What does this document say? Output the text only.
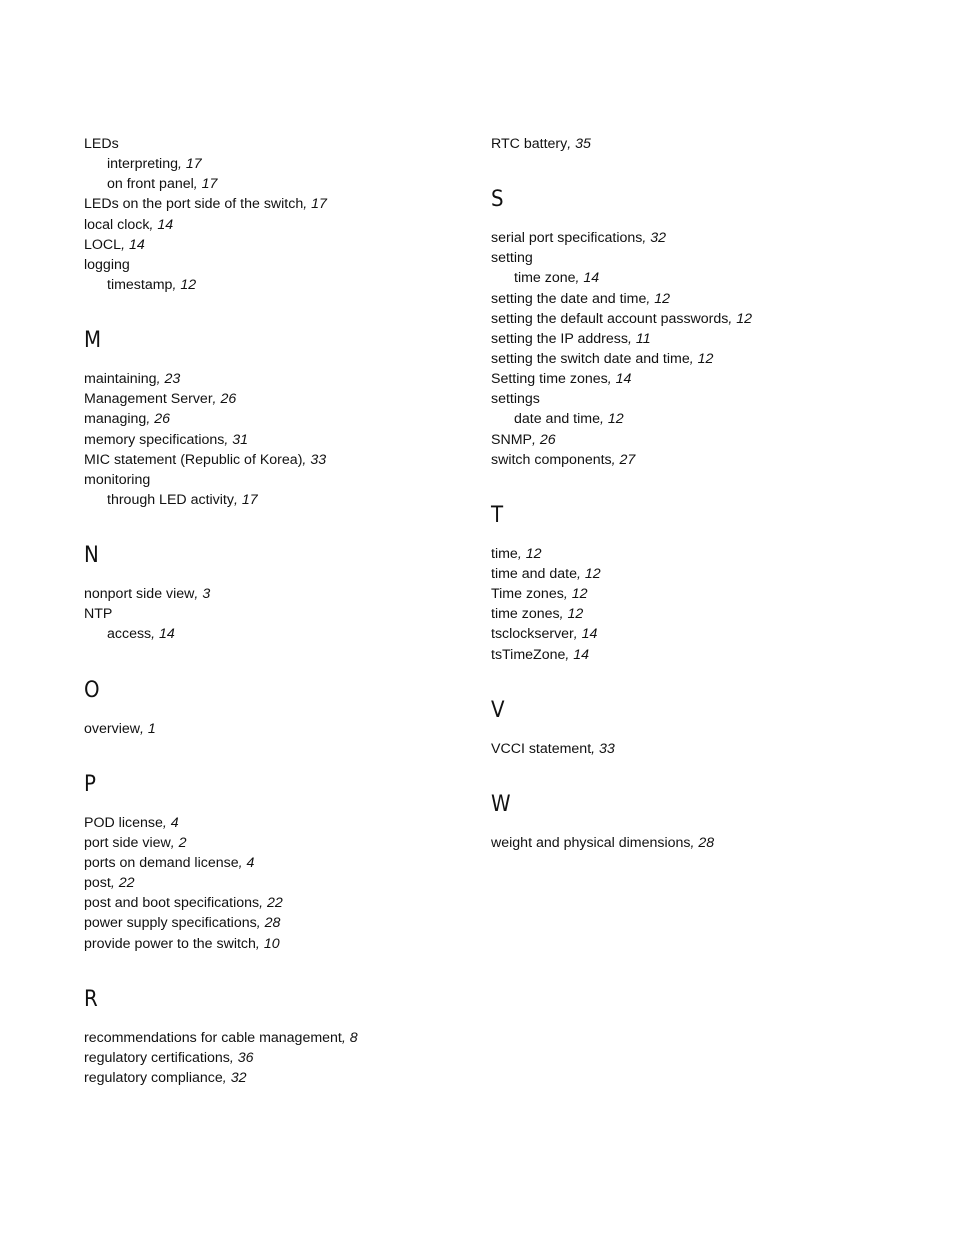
LEDs
interpreting, 17
on front panel, 17
LEDs on the port side of the switch, 17
local clock, 14
LOCL, 14
logging
timestamp, 12
M
maintaining, 23
Management Server, 26
managing, 26
memory specifications, 31
MIC statement (Republic of Korea), 33
monitoring
through LED activity, 17
N
nonport side view, 3
NTP
access, 14
O
overview, 1
P
POD license, 4
port side view, 2
ports on demand license, 4
post, 22
post and boot specifications, 22
power supply specifications, 28
provide power to the switch, 10
R
recommendations for cable management, 8
regulatory certifications, 36
regulatory compliance, 32
RTC battery, 35
S
serial port specifications, 32
setting
time zone, 14
setting the date and time, 12
setting the default account passwords, 12
setting the IP address, 11
setting the switch date and time, 12
Setting time zones, 14
settings
date and time, 12
SNMP, 26
switch components, 27
T
time, 12
time and date, 12
Time zones, 12
time zones, 12
tsclockserver, 14
tsTimeZone, 14
V
VCCI statement, 33
W
weight and physical dimensions, 28
